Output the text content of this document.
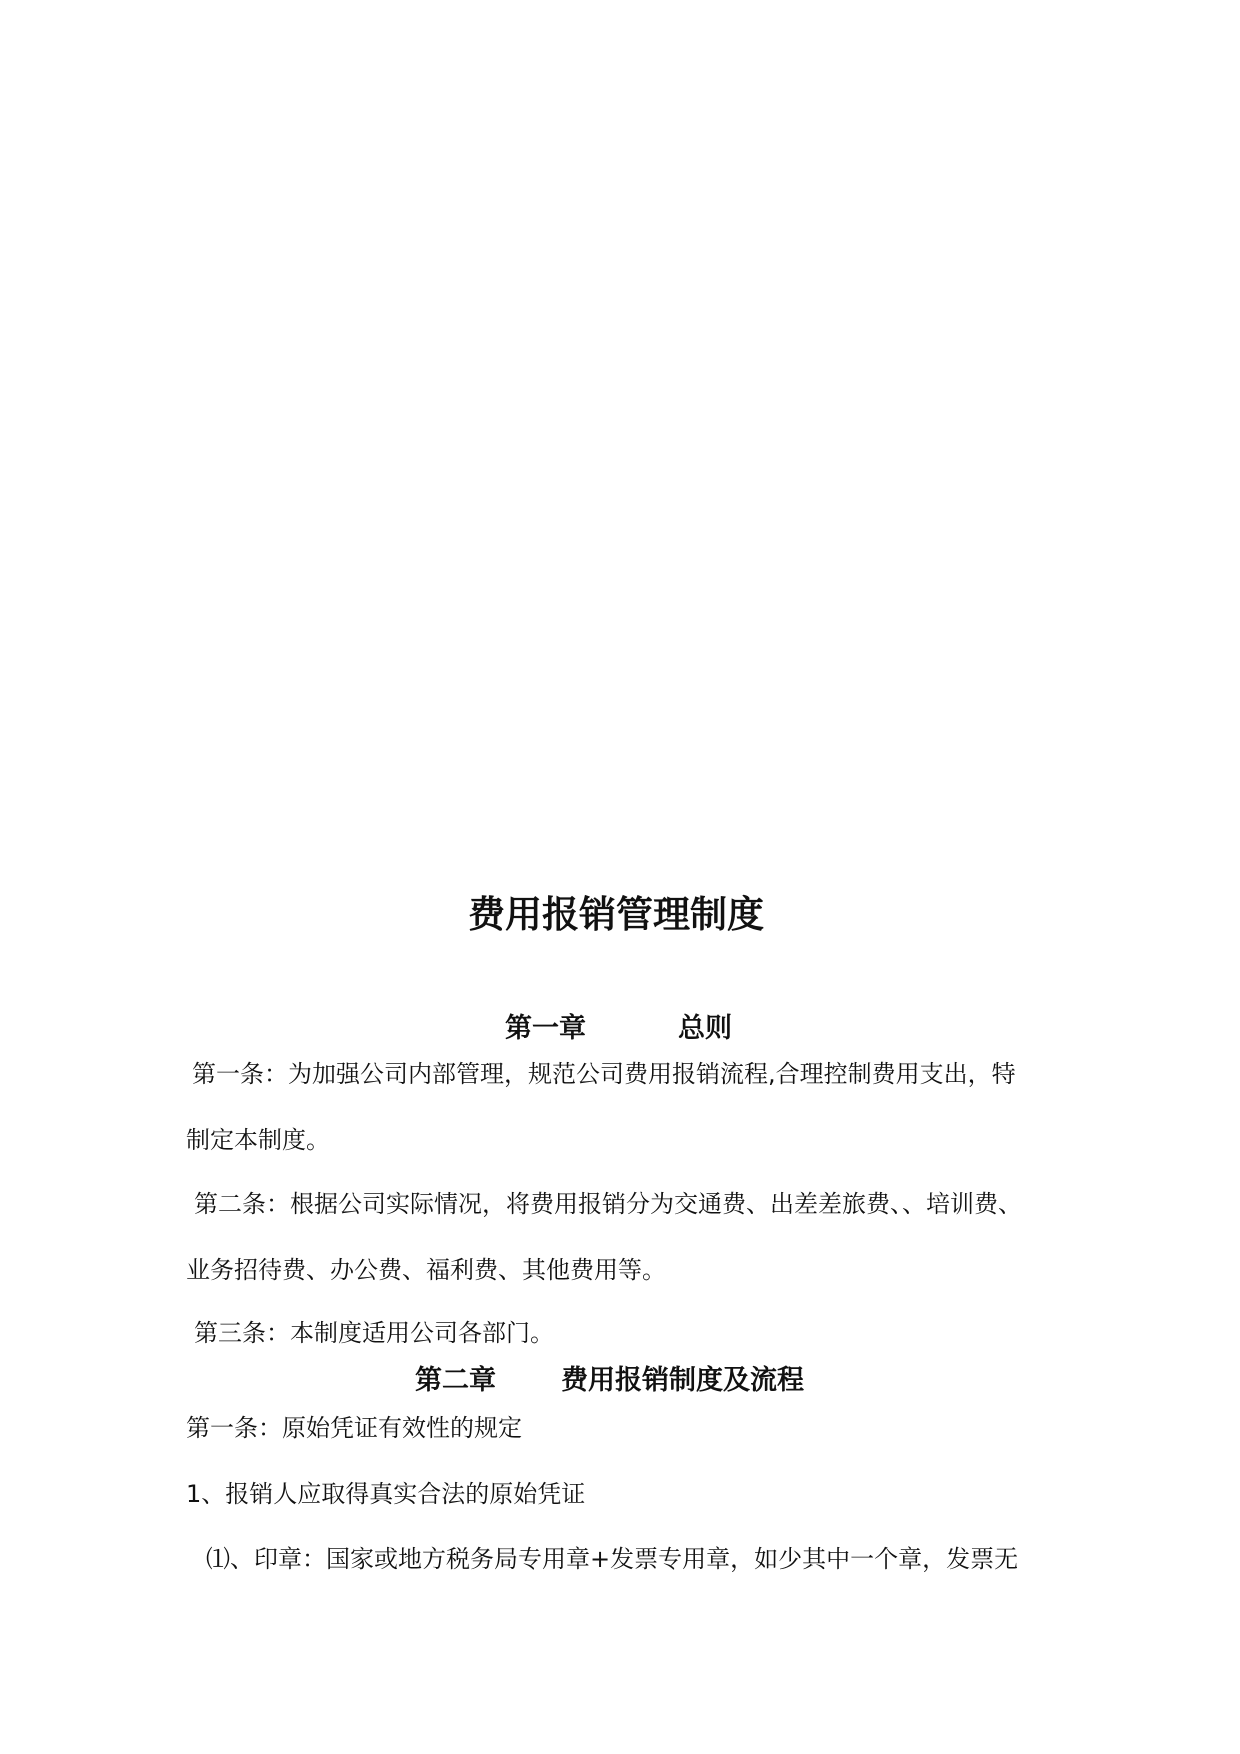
费用报销管理制度
第一章	总则
第一条：为加强公司内部管理，规范公司费用报销流程,合理控制费用支出，特
制定本制度。
第二条：根据公司实际情况，将费用报销分为交通费、出差差旅费、、培训费、
业务招待费、办公费、福利费、其他费用等。
第三条：本制度适用公司各部门。
第二章 费用报销制度及流程
第一条：原始凭证有效性的规定
1、报销人应取得真实合法的原始凭证
⑴、印章：国家或地方税务局专用章+发票专用章，如少其中一个章，发票无
